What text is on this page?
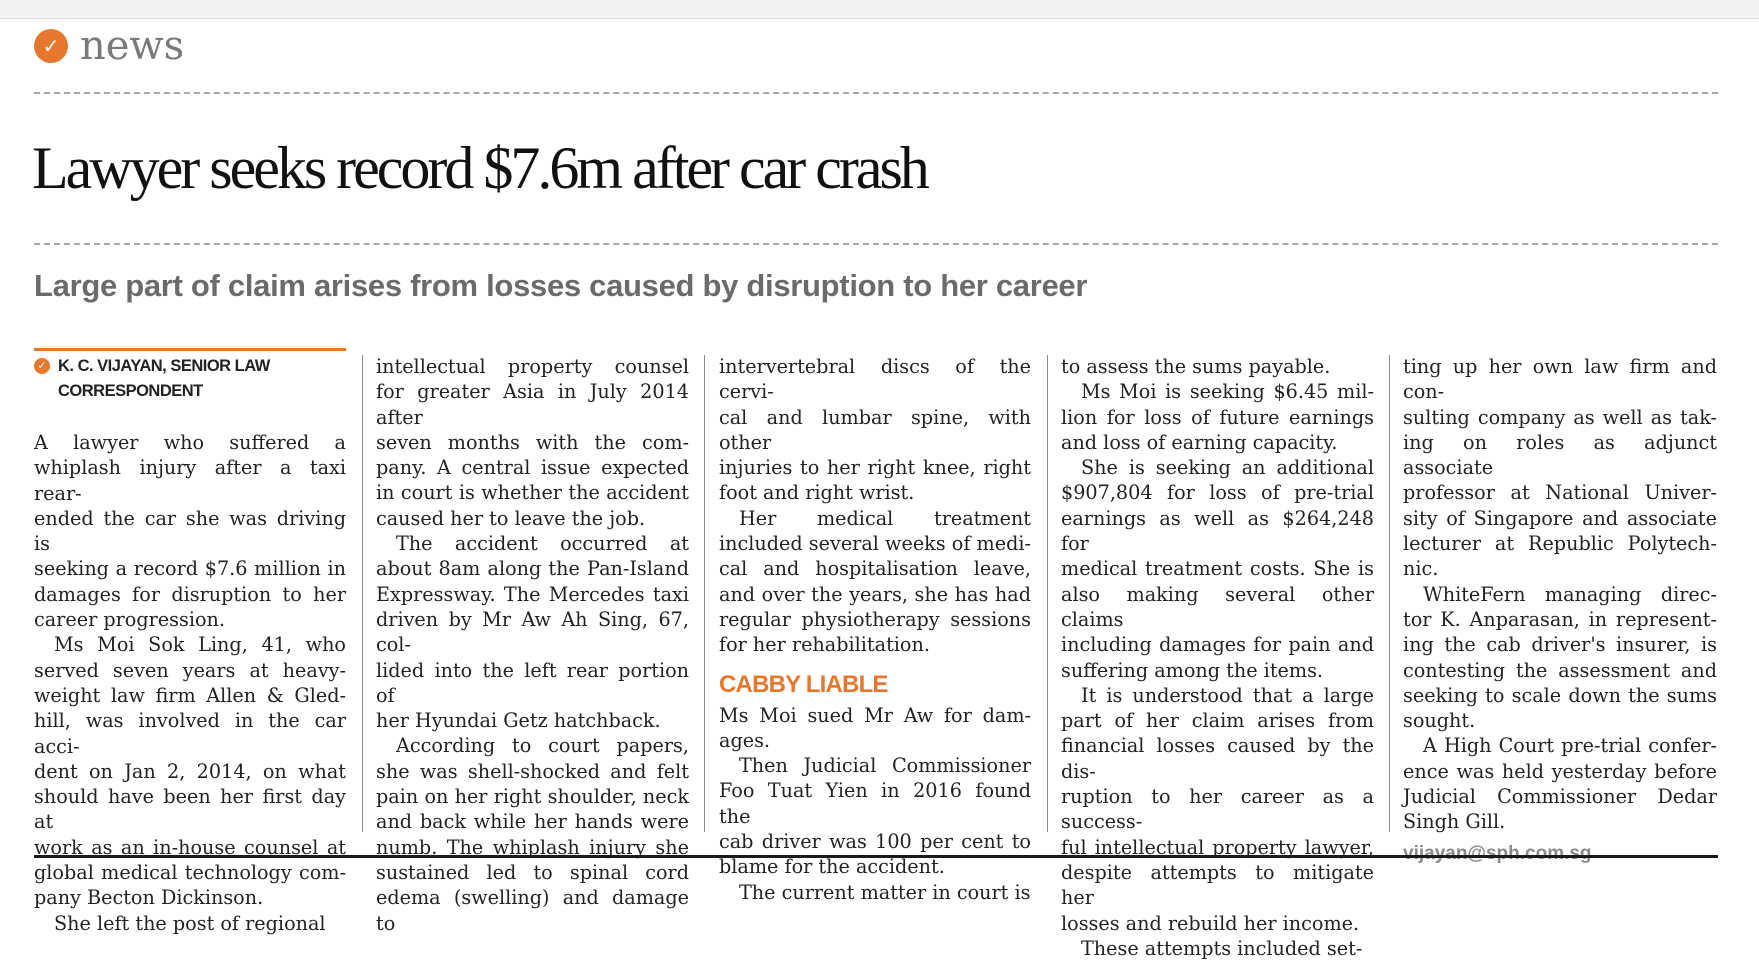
✓ news
Lawyer seeks record $7.6m after car crash
Large part of claim arises from losses caused by disruption to her career
✓ K. C. VIJAYAN, SENIOR LAW
CORRESPONDENT

A lawyer who suffered a

whiplash injury after a taxi rear-

ended the car she was driving is

seeking a record $7.6 million in

damages for disruption to her

career progression.

Ms Moi Sok Ling, 41, who

served seven years at heavy-

weight law firm Allen & Gled-

hill, was involved in the car acci-

dent on Jan 2, 2014, on what

should have been her first day at

work as an in-house counsel at

global medical technology com-

pany Becton Dickinson.

She left the post of regional

intellectual property counsel

for greater Asia in July 2014 after

seven months with the com-

pany. A central issue expected

in court is whether the accident

caused her to leave the job.

The accident occurred at

about 8am along the Pan-Island

Expressway. The Mercedes taxi

driven by Mr Aw Ah Sing, 67, col-

lided into the left rear portion of

her Hyundai Getz hatchback.

According to court papers,

she was shell-shocked and felt

pain on her right shoulder, neck

and back while her hands were

numb. The whiplash injury she

sustained led to spinal cord

edema (swelling) and damage to

intervertebral discs of the cervi-

cal and lumbar spine, with other

injuries to her right knee, right

foot and right wrist.

Her medical treatment

included several weeks of medi-

cal and hospitalisation leave,

and over the years, she has had

regular physiotherapy sessions

for her rehabilitation.

CABBY LIABLE

Ms Moi sued Mr Aw for dam-

ages.

Then Judicial Commissioner

Foo Tuat Yien in 2016 found the

cab driver was 100 per cent to

blame for the accident.

The current matter in court is

to assess the sums payable.

Ms Moi is seeking $6.45 mil-

lion for loss of future earnings

and loss of earning capacity.

She is seeking an additional

$907,804 for loss of pre-trial

earnings as well as $264,248 for

medical treatment costs. She is

also making several other claims

including damages for pain and

suffering among the items.

It is understood that a large

part of her claim arises from

financial losses caused by the dis-

ruption to her career as a success-

ful intellectual property lawyer,

despite attempts to mitigate her

losses and rebuild her income.

These attempts included set-

ting up her own law firm and con-

sulting company as well as tak-

ing on roles as adjunct associate

professor at National Univer-

sity of Singapore and associate

lecturer at Republic Polytech-

nic.

WhiteFern managing direc-

tor K. Anparasan, in represent-

ing the cab driver's insurer, is

contesting the assessment and

seeking to scale down the sums

sought.

A High Court pre-trial confer-

ence was held yesterday before

Judicial Commissioner Dedar

Singh Gill.

vijayan@sph.com.sg
